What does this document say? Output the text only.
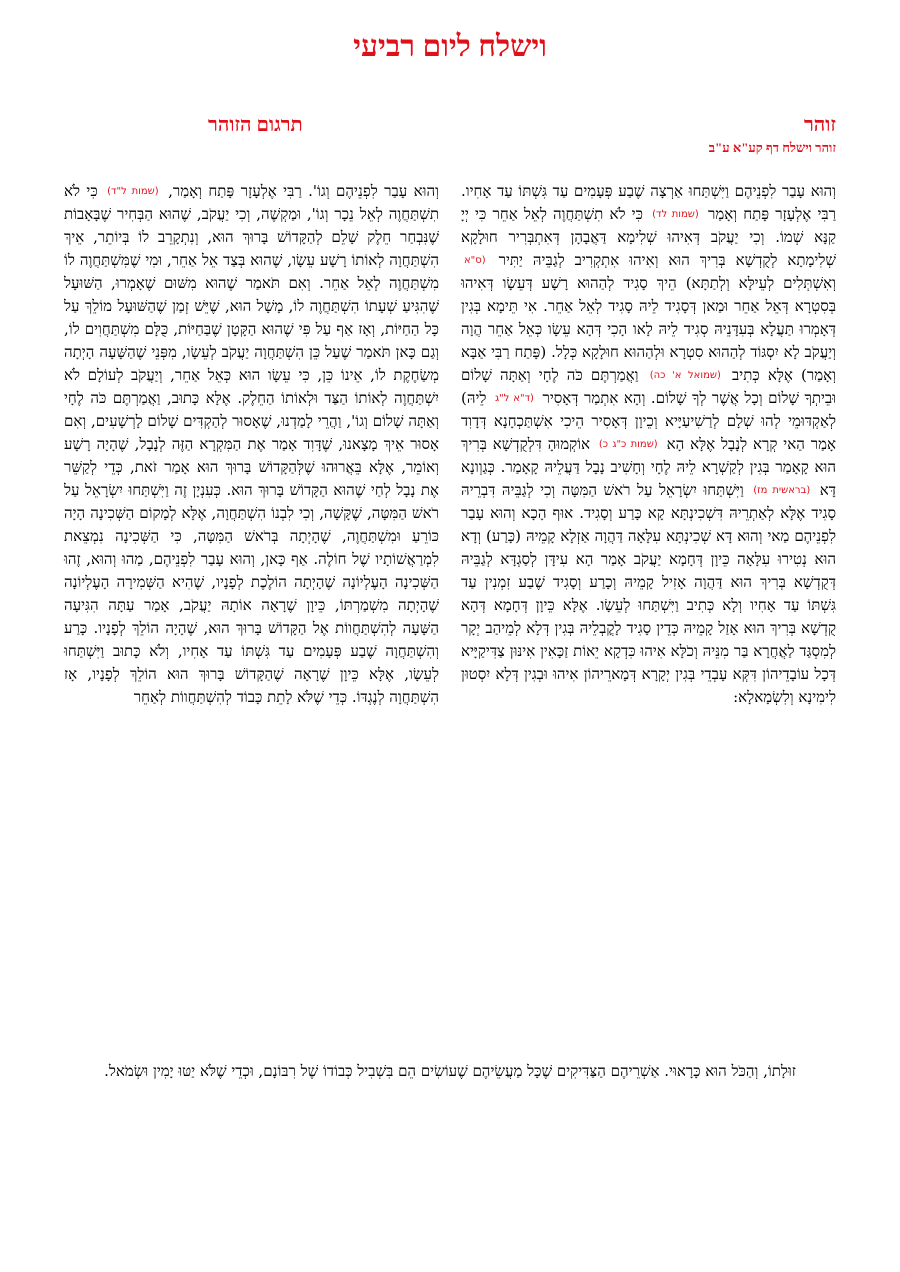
וישלח ליום רביעי
זוהר
תרגום הזוהר
זוהר וישלח דף קע"א ע"ב
וְהוּא עָבַר לִפְנֵיהֶם וַיִּשְׁתַּחוּ אַרְצָה שֶׁבַע פְּעָמִים עַד גִּשְׁתּוֹ עַד אָחִיו. רַבִּי אֶלְעָזָר פָּתַח וְאָמַר (שמות לד) כִּי לֹא תִשְׁתַּחֲוֶה לְאֵל אַחֵר כִּי יְיָ קַנָּא שְׁמוֹ. וְכִי יַעֲקֹב דְּאִיהוּ שְׁלִימָא דַּאֲבָהָן דְּאִתְבְּרִיר חוּלָקָא שְׁלִימָתָא לְקֻדְשָׁא בְּרִיךְ הוּא וְאִיהוּ אִתְקְרִיב לְגַבֵּיהּ יַתִּיר (ס"א וְאִשְׁתְּלִים לְעֵילָּא וְלְתַתָּא) הֵיךְ סָגִיד לְהַהוּא רָשָׁע דְּעֵשָׂו דְּאִיהוּ בְּסִטְרָא דְּאֵל אַחֵר וּמַאן דְּסָגִיד לֵיהּ סָגִיד לְאֵל אַחֵר. אִי תֵּימָא בְּגִין דְּאָמְרוּ תַּעֲלָא בְּעִדָּנֵיהּ סְגִיד לֵיהּ לָאו הָכִי דְּהָא עֵשָׂו כְּאֵל אַחֵר הֲוָה וְיַעֲקֹב לָא יִסְגּוֹד לְהַהוּא סִטְרָא וּלְהַהוּא חוּלָקָא כְּלָל. (פָּתַח רַבִּי אַבָּא וְאָמַר) אֶלָּא כְּתִיב (שמואל א' כה) וַאֲמַרְתֶּם כֹּה לֶחָי וְאַתָּה שָׁלוֹם וּבֵיתְךָ שָׁלוֹם וְכָל אֲשֶׁר לְךָ שָׁלוֹם. וְהָא אִתְמַר דְּאָסִיר (ד"א ל"ג לֵיהּ) לְאַקְדּוּמֵי לְהוּ שְׁלָם לְרַשִׁיעַיָּיא וְכֵיוָן דְּאָסִיר הֵיכִי אִשְׁתַּכְחָנָא דְּדָוִד אָמַר הַאי קְרָא לְנָבָל אֶלָּא הָא (שמות כ"ג כ) אוֹקְמוּהָ דִּלְקֻדְשָׁא בְּרִיךְ הוּא קָאָמַר בְּגִין לְקַשְׁרָא לֵיהּ לֶחָי וְחָשִׁיב נָבָל דַּעֲלֵיהּ קָאָמַר. כְּגַוְונָא דָּא (בראשית מז) וַיִּשְׁתַּחוּ יִשְׂרָאֵל עַל רֹאשׁ הַמִּטָּה וְכִי לְגַבֵּיהּ דִּבְרֵיהּ סָגִיד אֶלָּא לְאַתְרֵיהּ דִּשְׁכִינְתָּא קָא כָּרַע וְסָגִיד. אוּף הָכָא וְהוּא עָבַר לִפְנֵיהֶם מַאי וְהוּא דָּא שְׁכִינְתָּא עִלָּאָה דַּהֲוָה אַזְלָא קָמֵיהּ (כָּרַע) וְדָא הוּא נְטִירוּ עִלָּאָה כֵּיוָן דְּחָמָא יַעֲקֹב אָמַר הָא עִידָּן לְסַגְדָּא לְגַבֵּיהּ דְּקֻדְשָׁא בְּרִיךְ הוּא דַּהֲוָה אָזִיל קָמֵיהּ וְכָרַע וְסָגִיד שֶׁבַע זִמְנִין עַד גִּשְׁתּוֹ עַד אָחִיו וְלָא כְּתִיב וַיִּשְׁתַּחוּ לְעֵשָׂו. אֶלָּא כֵּיוָן דְּחָמָא דְּהָא קֻדְשָׁא בְּרִיךְ הוּא אָזַל קָמֵיהּ כְּדֵין סָגִיד לָקֳבְלֵיהּ בְּגִין דְּלָא לְמֵיהַב יְקָר לְמִסְגַּד לַאֲחֲרָא בַּר מִנֵּיהּ וְכֹלָּא אִיהוּ כִּדְקָא יֵאוֹת זַכָּאִין אִינּוּן צַדִּיקַיָּיא דְּכָל עוֹבָדֵיהוֹן דִּקְּא עָבְדֵי בְּגִין יְקָרָא דְּמָארֵיהוֹן אִיהוּ וּבְגִין דְּלָא יִסְטוּן לִימִינָא וְלִשְׂמָאלָא:
וְהוּא עָבַר לִפְנֵיהֶם וְגוֹ'. רַבִּי אֶלְעָזָר פָּתַח וְאָמַר, (שמות ל"ד) כִּי לֹא תִשְׁתַּחֲוֶה לְאֵל נֵכָר וְגוֹ', וּמַקְשֶׁה, וְכִי יַעֲקֹב, שֶׁהוּא הַבְּחִיר שֶׁבָּאָבוֹת שֶׁנִּבְחַר חֵלֶק שָׁלֵם לְהַקָּדוֹשׁ בָּרוּךְ הוּא, וְנִתְקָרֵב לוֹ בְּיוֹתֵר, אֵיךְ הִשְׁתַּחֲוָה לְאוֹתוֹ רָשָׁע עֵשָׂו, שֶׁהוּא בְּצַד אֵל אַחֵר, וּמִי שֶׁמִּשְׁתַּחֲוֶה לוֹ מִשְׁתַּחֲוֶה לְאֵל אַחֵר. וְאִם תֹּאמַר שֶׁהוּא מִשּׁוּם שֶׁאָמְרוּ, הַשּׁוּעָל שֶׁהִגִּיעַ שְׁעָתוֹ הִשְׁתַּחֲוֶה לוֹ, מָשָׁל הוּא, שֶׁיֵּשׁ זְמַן שֶׁהַשּׁוּעָל מוֹלֵךְ עַל כָּל הַחַיּוֹת, וְאָז אַף עַל פִּי שֶׁהוּא הַקָּטָן שֶׁבַּחַיּוֹת, כֻּלָּם מִשְׁתַּחֲוִים לוֹ, וְגַם כָּאן תֹּאמַר שֶׁעַל כֵּן הִשְׁתַּחֲוָה יַעֲקֹב לְעֵשָׂו, מִפְּנֵי שֶׁהַשָּׁעָה הָיְתָה מְשַׂחֶקֶת לוֹ, אֵינוֹ כֵּן, כִּי עֵשָׂו הוּא כְּאֵל אַחֵר, וְיַעֲקֹב לְעוֹלָם לֹא יִשְׁתַּחֲוֶה לְאוֹתוֹ הַצַּד וּלְאוֹתוֹ הַחֵלֶק. אֶלָּא כָּתוּב, וַאֲמַרְתֶּם כֹּה לֶחָי וְאַתָּה שָׁלוֹם וְגוֹ', וַהֲרֵי לָמַדְנוּ, שֶׁאָסוּר לְהַקְדִּים שָׁלוֹם לָרְשָׁעִים, וְאִם אָסוּר אֵיךְ מָצָאנוּ, שֶׁדָּוִד אָמַר אֶת הַמִּקְרָא הַזֶּה לְנָבָל, שֶׁהָיָה רָשָׁע וְאוֹמֵר, אֶלָּא בֵּאֲרוּהוּ שֶׁלְּהַקָּדוֹשׁ בָּרוּךְ הוּא אָמַר זֹאת, כְּדֵי לְקַשֵּׁר אֶת נָבָל לְחַי שֶׁהוּא הַקָּדוֹשׁ בָּרוּךְ הוּא. כְּעִנְיָן זֶה וַיִּשְׁתַּחוּ יִשְׂרָאֵל עַל רֹאשׁ הַמִּטָּה, שֶׁקָּשָׁה, וְכִי לִבְנוֹ הִשְׁתַּחֲוָה, אֶלָּא לְמָקוֹם הַשְּׁכִינָה הָיָה כּוֹרֵעַ וּמִשְׁתַּחֲוֶה, שֶׁהָיְתָה בְּרֹאשׁ הַמִּטָּה, כִּי הַשְּׁכִינָה נִמְצֵאת לִמְרַאֲשׁוֹתָיו שֶׁל חוֹלֶה. אַף כָּאן, וְהוּא עָבַר לִפְנֵיהֶם, מַהוּ וְהוּא, זֶהוּ הַשְּׁכִינָה הָעֶלְיוֹנָה שֶׁהָיְתָה הוֹלֶכֶת לְפָנָיו, שֶׁהִיא הַשְּׁמִירָה הָעֶלְיוֹנָה שֶׁהָיְתָה מִשְׁמַרְתּוֹ, כֵּיוָן שֶׁרָאָה אוֹתָהּ יַעֲקֹב, אָמַר עַתָּה הִגִּיעָה הַשָּׁעָה לְהִשְׁתַּחֲווֹת אֶל הַקָּדוֹשׁ בָּרוּךְ הוּא, שֶׁהָיָה הוֹלֵךְ לְפָנָיו. כָּרַע וְהִשְׁתַּחֲוָה שֶׁבַע פְּעָמִים עַד גִּשְׁתּוֹ עַד אָחִיו, וְלֹא כָּתוּב וַיִּשְׁתַּחוּ לְעֵשָׂו, אֶלָּא כֵּיוָן שֶׁרָאָה שֶׁהַקָּדוֹשׁ בָּרוּךְ הוּא הוֹלֵךְ לְפָנָיו, אָז הִשְׁתַּחֲוָה לְנֶגְדּוֹ. כְּדֵי שֶׁלֹּא לָתֵת כָּבוֹד לְהִשְׁתַּחֲווֹת לְאַחֵר
זוּלָתוֹ, וְהַכֹּל הוּא כָּרָאוּי. אַשְׁרֵיהֶם הַצַּדִּיקִים שֶׁכָּל מַעֲשֵׂיהֶם שֶׁעוֹשִׂים הֵם בִּשְׁבִיל כְּבוֹדוֹ שֶׁל רִבּוֹנָם, וּכְדֵי שֶׁלֹּא יַטּוּ יָמִין וּשְׂמֹאל.
